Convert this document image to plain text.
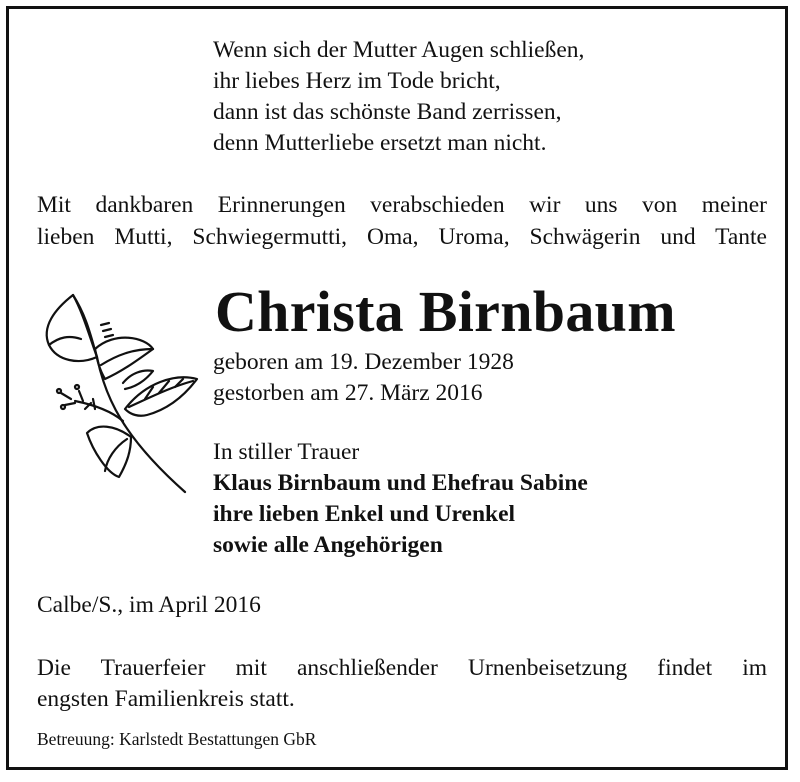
Wenn sich der Mutter Augen schließen,
ihr liebes Herz im Tode bricht,
dann ist das schönste Band zerrissen,
denn Mutterliebe ersetzt man nicht.
Mit dankbaren Erinnerungen verabschieden wir uns von meiner
lieben Mutti, Schwiegermutti, Oma, Uroma, Schwägerin und Tante
Christa Birnbaum
geboren am 19. Dezember 1928
gestorben am 27. März 2016
In stiller Trauer
Klaus Birnbaum und Ehefrau Sabine
ihre lieben Enkel und Urenkel
sowie alle Angehörigen
Calbe/S., im April 2016
Die Trauerfeier mit anschließender Urnenbeisetzung findet im
engsten Familienkreis statt.
Betreuung: Karlstedt Bestattungen GbR
